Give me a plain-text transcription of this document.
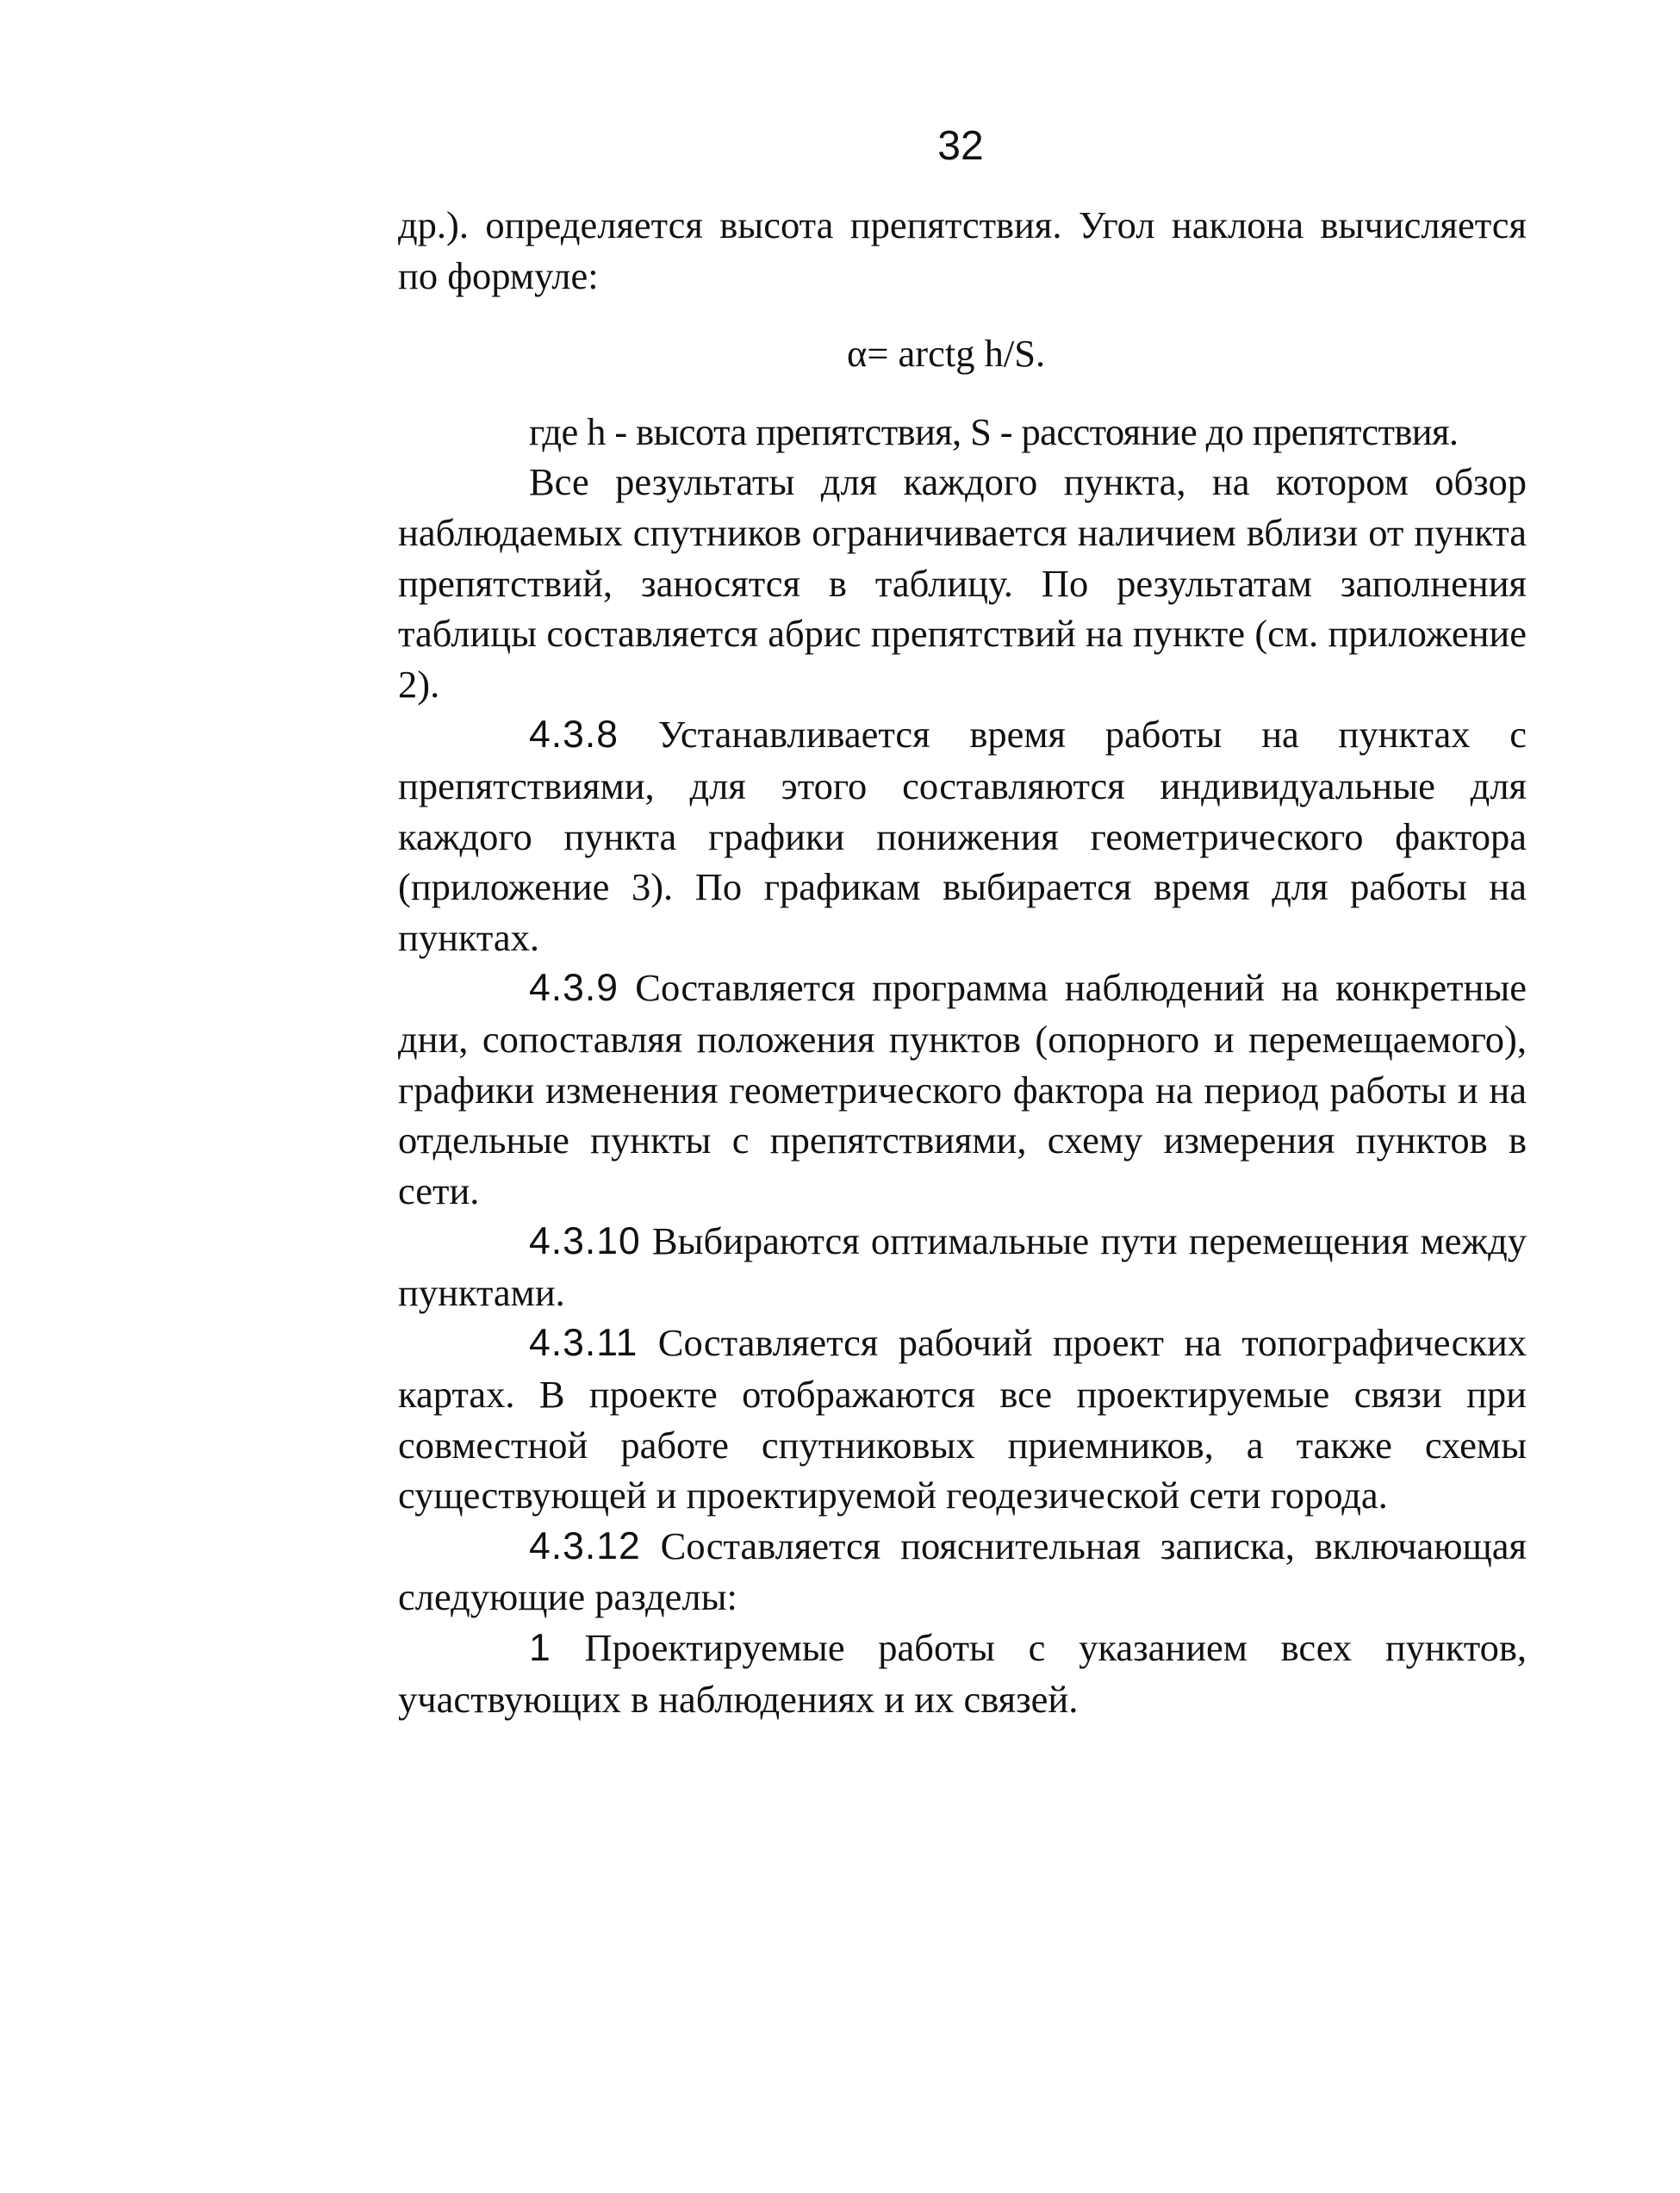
32

др.). определяется высота препятствия. Угол наклона вычисляется по формуле:

α= arctg h/S.

где h - высота препятствия, S - расстояние до препятствия.

Все результаты для каждого пункта, на котором обзор наблюдаемых спутников ограничивается наличием вблизи от пункта препятствий, заносятся в таблицу. По результатам заполнения таблицы составляется абрис препятствий на пункте (см. приложение 2).

4.3.8 Устанавливается время работы на пунктах с препятствиями, для этого составляются индивидуальные для каждого пункта графики понижения геометрического фактора (приложение 3). По графикам выбирается время для работы на пунктах.

4.3.9 Составляется программа наблюдений на конкретные дни, сопоставляя положения пунктов (опорного и перемещаемого), графики изменения геометрического фактора на период работы и на отдельные пункты с препятствиями, схему измерения пунктов в сети.

4.3.10 Выбираются оптимальные пути перемещения между пунктами.

4.3.11 Составляется рабочий проект на топографических картах. В проекте отображаются все проектируемые связи при совместной работе спутниковых приемников, а также схемы существующей и проектируемой геодезической сети города.

4.3.12 Составляется пояснительная записка, включающая следующие разделы:

1 Проектируемые работы с указанием всех пунктов, участвующих в наблюдениях и их связей.
